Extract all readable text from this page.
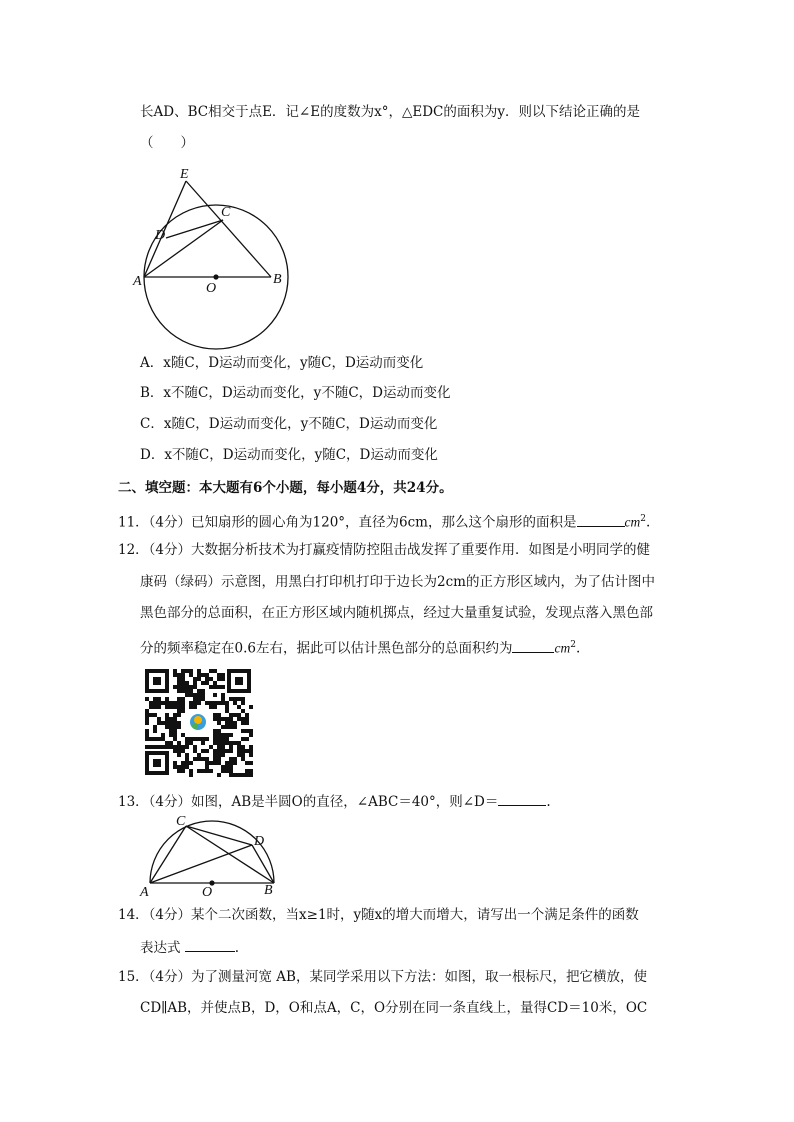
长AD、BC相交于点E．记∠E的度数为x°，△EDC的面积为y．则以下结论正确的是
（　　）
E
C
D
A	O
B
A．x随C，D运动而变化，y随C，D运动而变化
B．x不随C，D运动而变化，y不随C，D运动而变化
C．x随C，D运动而变化，y不随C，D运动而变化
D．x不随C，D运动而变化，y随C，D运动而变化
二、填空题：本大题有6个小题，每小题4分，共24分。
11．（4分）已知扇形的圆心角为120°，直径为6cm，那么这个扇形的面积是	$cm^2$.
12．（4分）大数据分析技术为打赢疫情防控阻击战发挥了重要作用．如图是小明同学的健
康码（绿码）示意图，用黑白打印机打印于边长为2cm的正方形区域内，为了估计图中
黑色部分的总面积，在正方形区域内随机掷点，经过大量重复试验，发现点落入黑色部
分的频率稳定在0.6左右，据此可以估计黑色部分的总面积约为	$cm^2$.
13．（4分）如图，AB是半圆O的直径，∠ABC＝40°，则∠D＝	.
C
D
A	O	B
14．（4分）某个二次函数，当x≥1时，y随x的增大而增大，请写出一个满足条件的函数
表达式	.
15．（4分）为了测量河宽 AB，某同学采用以下方法：如图，取一根标尺，把它横放，使
CD∥AB，并使点B，D，O和点A，C，O分别在同一条直线上，量得CD＝10米，OC
